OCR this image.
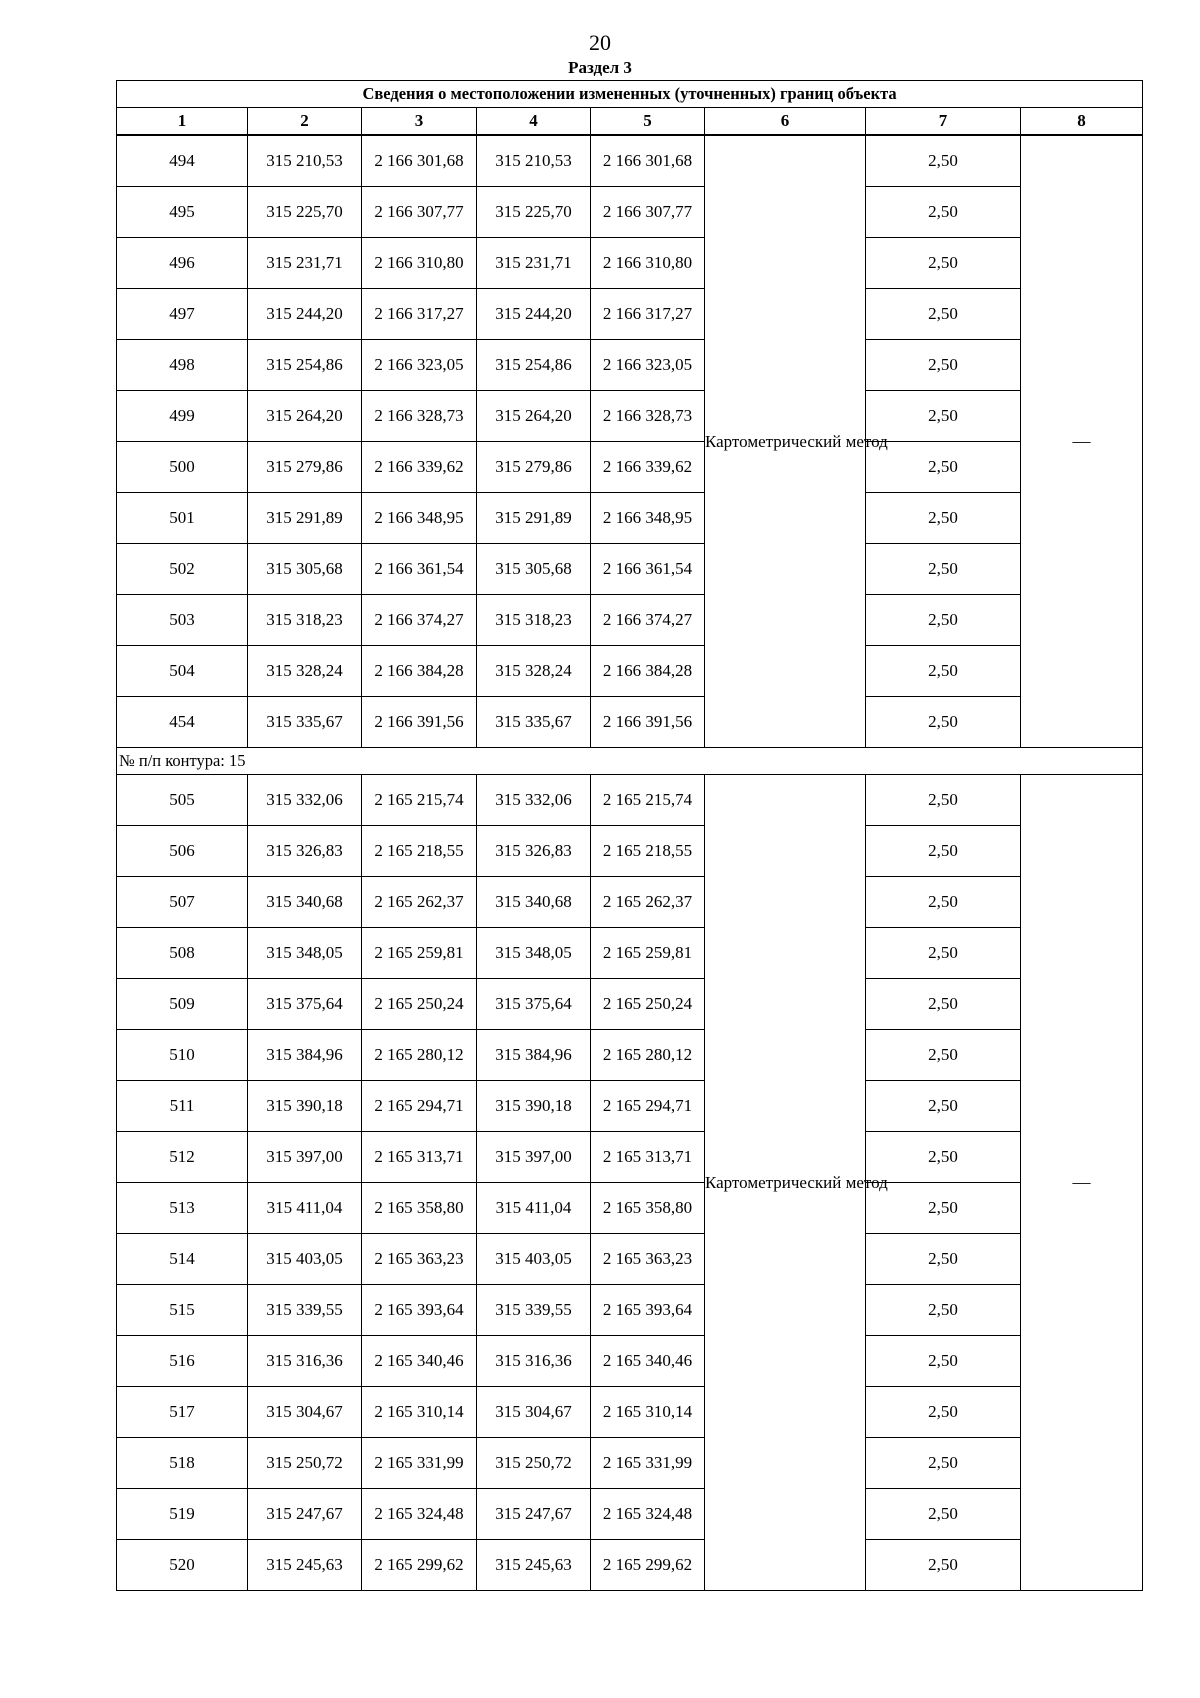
20
Раздел 3
Сведения о местоположении измененных (уточненных) границ объекта							
1	2	3	4	5	6	7	8
494	315 210,53	2 166 301,68	315 210,53	2 166 301,68	Картометрический метод	2,50	—
495	315 225,70	2 166 307,77	315 225,70	2 166 307,77		2,50	
496	315 231,71	2 166 310,80	315 231,71	2 166 310,80		2,50	
497	315 244,20	2 166 317,27	315 244,20	2 166 317,27		2,50	
498	315 254,86	2 166 323,05	315 254,86	2 166 323,05		2,50	
499	315 264,20	2 166 328,73	315 264,20	2 166 328,73		2,50	
500	315 279,86	2 166 339,62	315 279,86	2 166 339,62		2,50	
501	315 291,89	2 166 348,95	315 291,89	2 166 348,95		2,50	
502	315 305,68	2 166 361,54	315 305,68	2 166 361,54		2,50	
503	315 318,23	2 166 374,27	315 318,23	2 166 374,27		2,50	
504	315 328,24	2 166 384,28	315 328,24	2 166 384,28		2,50	
454	315 335,67	2 166 391,56	315 335,67	2 166 391,56		2,50	
№ п/п контура: 15							
505	315 332,06	2 165 215,74	315 332,06	2 165 215,74	Картометрический метод	2,50	—
506	315 326,83	2 165 218,55	315 326,83	2 165 218,55		2,50	
507	315 340,68	2 165 262,37	315 340,68	2 165 262,37		2,50	
508	315 348,05	2 165 259,81	315 348,05	2 165 259,81		2,50	
509	315 375,64	2 165 250,24	315 375,64	2 165 250,24		2,50	
510	315 384,96	2 165 280,12	315 384,96	2 165 280,12		2,50	
511	315 390,18	2 165 294,71	315 390,18	2 165 294,71		2,50	
512	315 397,00	2 165 313,71	315 397,00	2 165 313,71		2,50	
513	315 411,04	2 165 358,80	315 411,04	2 165 358,80		2,50	
514	315 403,05	2 165 363,23	315 403,05	2 165 363,23		2,50	
515	315 339,55	2 165 393,64	315 339,55	2 165 393,64		2,50	
516	315 316,36	2 165 340,46	315 316,36	2 165 340,46		2,50	
517	315 304,67	2 165 310,14	315 304,67	2 165 310,14		2,50	
518	315 250,72	2 165 331,99	315 250,72	2 165 331,99		2,50	
519	315 247,67	2 165 324,48	315 247,67	2 165 324,48		2,50	
520	315 245,63	2 165 299,62	315 245,63	2 165 299,62		2,50	
